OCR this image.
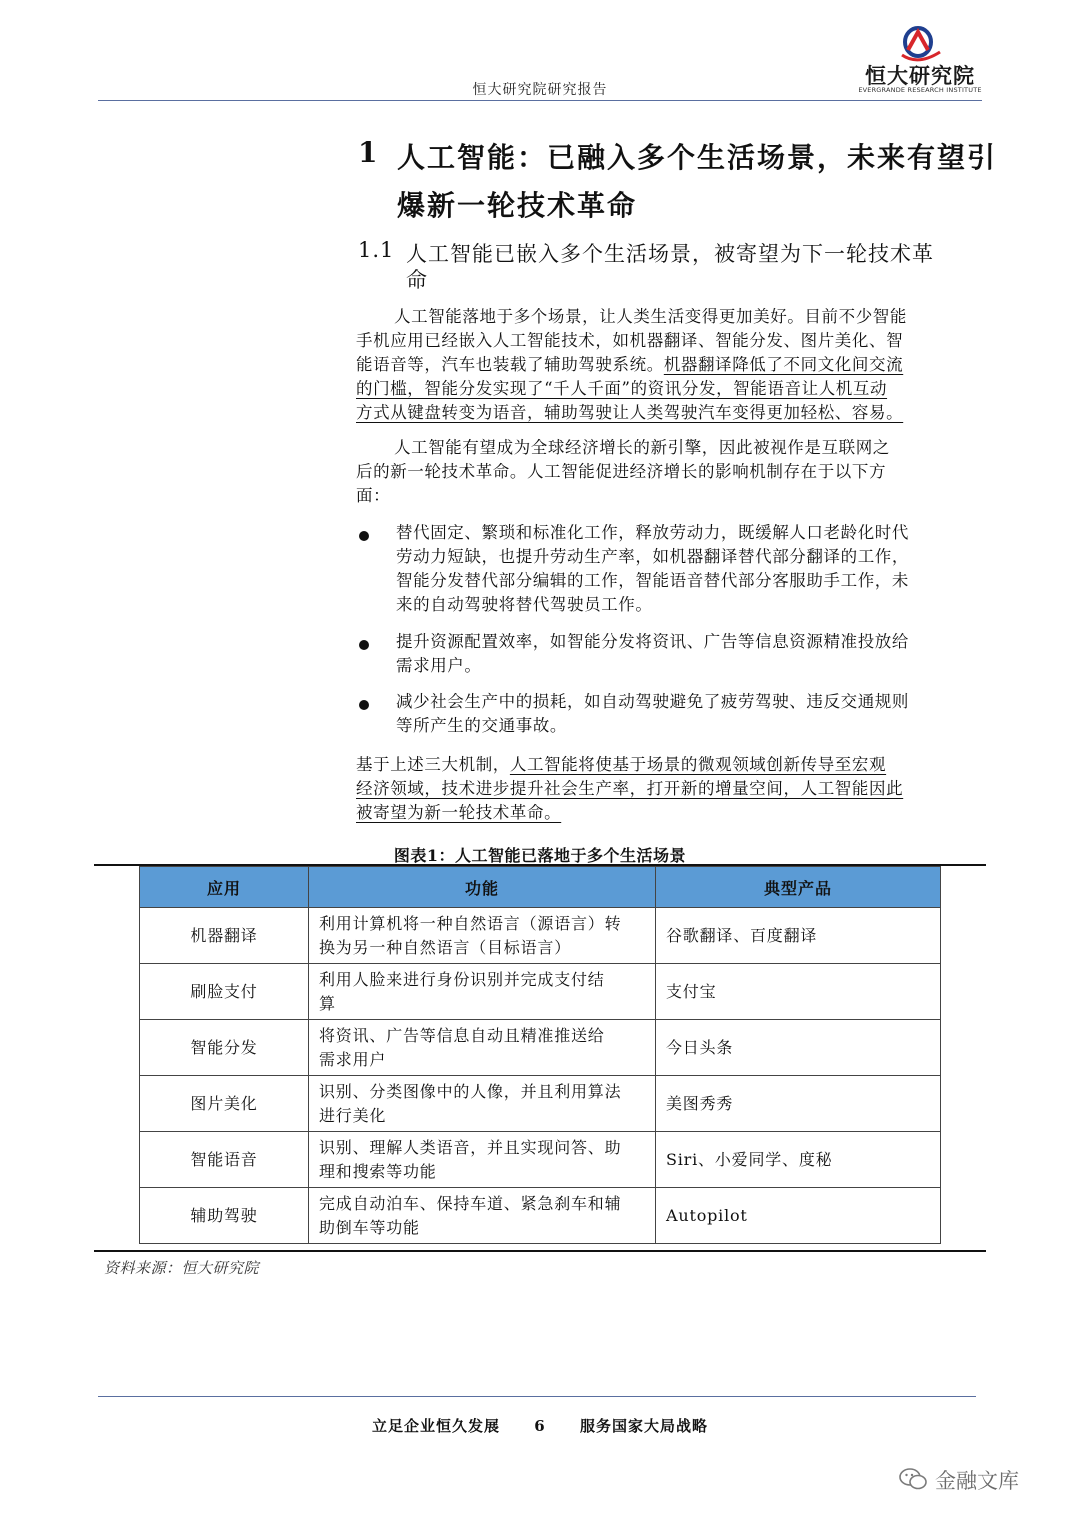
恒大研究院研究报告
恒大研究院
EVERGRANDE RESEARCH INSTITUTE
1 人工智能：已融入多个生活场景，未来有望引
爆新一轮技术革命
1.1 人工智能已嵌入多个生活场景，被寄望为下一轮技术革
命
人工智能落地于多个场景，让人类生活变得更加美好。目前不少智能
手机应用已经嵌入人工智能技术，如机器翻译、智能分发、图片美化、智
能语音等，汽车也装载了辅助驾驶系统。机器翻译降低了不同文化间交流
的门槛，智能分发实现了“千人千面”的资讯分发，智能语音让人机互动
方式从键盘转变为语音，辅助驾驶让人类驾驶汽车变得更加轻松、容易。
人工智能有望成为全球经济增长的新引擎，因此被视作是互联网之
后的新一轮技术革命。人工智能促进经济增长的影响机制存在于以下方
面：
替代固定、繁琐和标准化工作，释放劳动力，既缓解人口老龄化时代
劳动力短缺，也提升劳动生产率，如机器翻译替代部分翻译的工作，
智能分发替代部分编辑的工作，智能语音替代部分客服助手工作，未
来的自动驾驶将替代驾驶员工作。
提升资源配置效率，如智能分发将资讯、广告等信息资源精准投放给
需求用户。
减少社会生产中的损耗，如自动驾驶避免了疲劳驾驶、违反交通规则
等所产生的交通事故。
基于上述三大机制，人工智能将使基于场景的微观领域创新传导至宏观
经济领域，技术进步提升社会生产率，打开新的增量空间，人工智能因此
被寄望为新一轮技术革命。
图表1：人工智能已落地于多个生活场景
应用	功能	典型产品
机器翻译	利用计算机将一种自然语言（源语言）转
换为另一种自然语言（目标语言）	谷歌翻译、百度翻译
刷脸支付	利用人脸来进行身份识别并完成支付结
算	支付宝
智能分发	将资讯、广告等信息自动且精准推送给
需求用户	今日头条
图片美化	识别、分类图像中的人像，并且利用算法
进行美化	美图秀秀
智能语音	识别、理解人类语音，并且实现问答、助
理和搜索等功能	Siri、小爱同学、度秘
辅助驾驶	完成自动泊车、保持车道、紧急刹车和辅
助倒车等功能	Autopilot
资料来源：恒大研究院
立足企业恒久发展 6 服务国家大局战略
金融文库
